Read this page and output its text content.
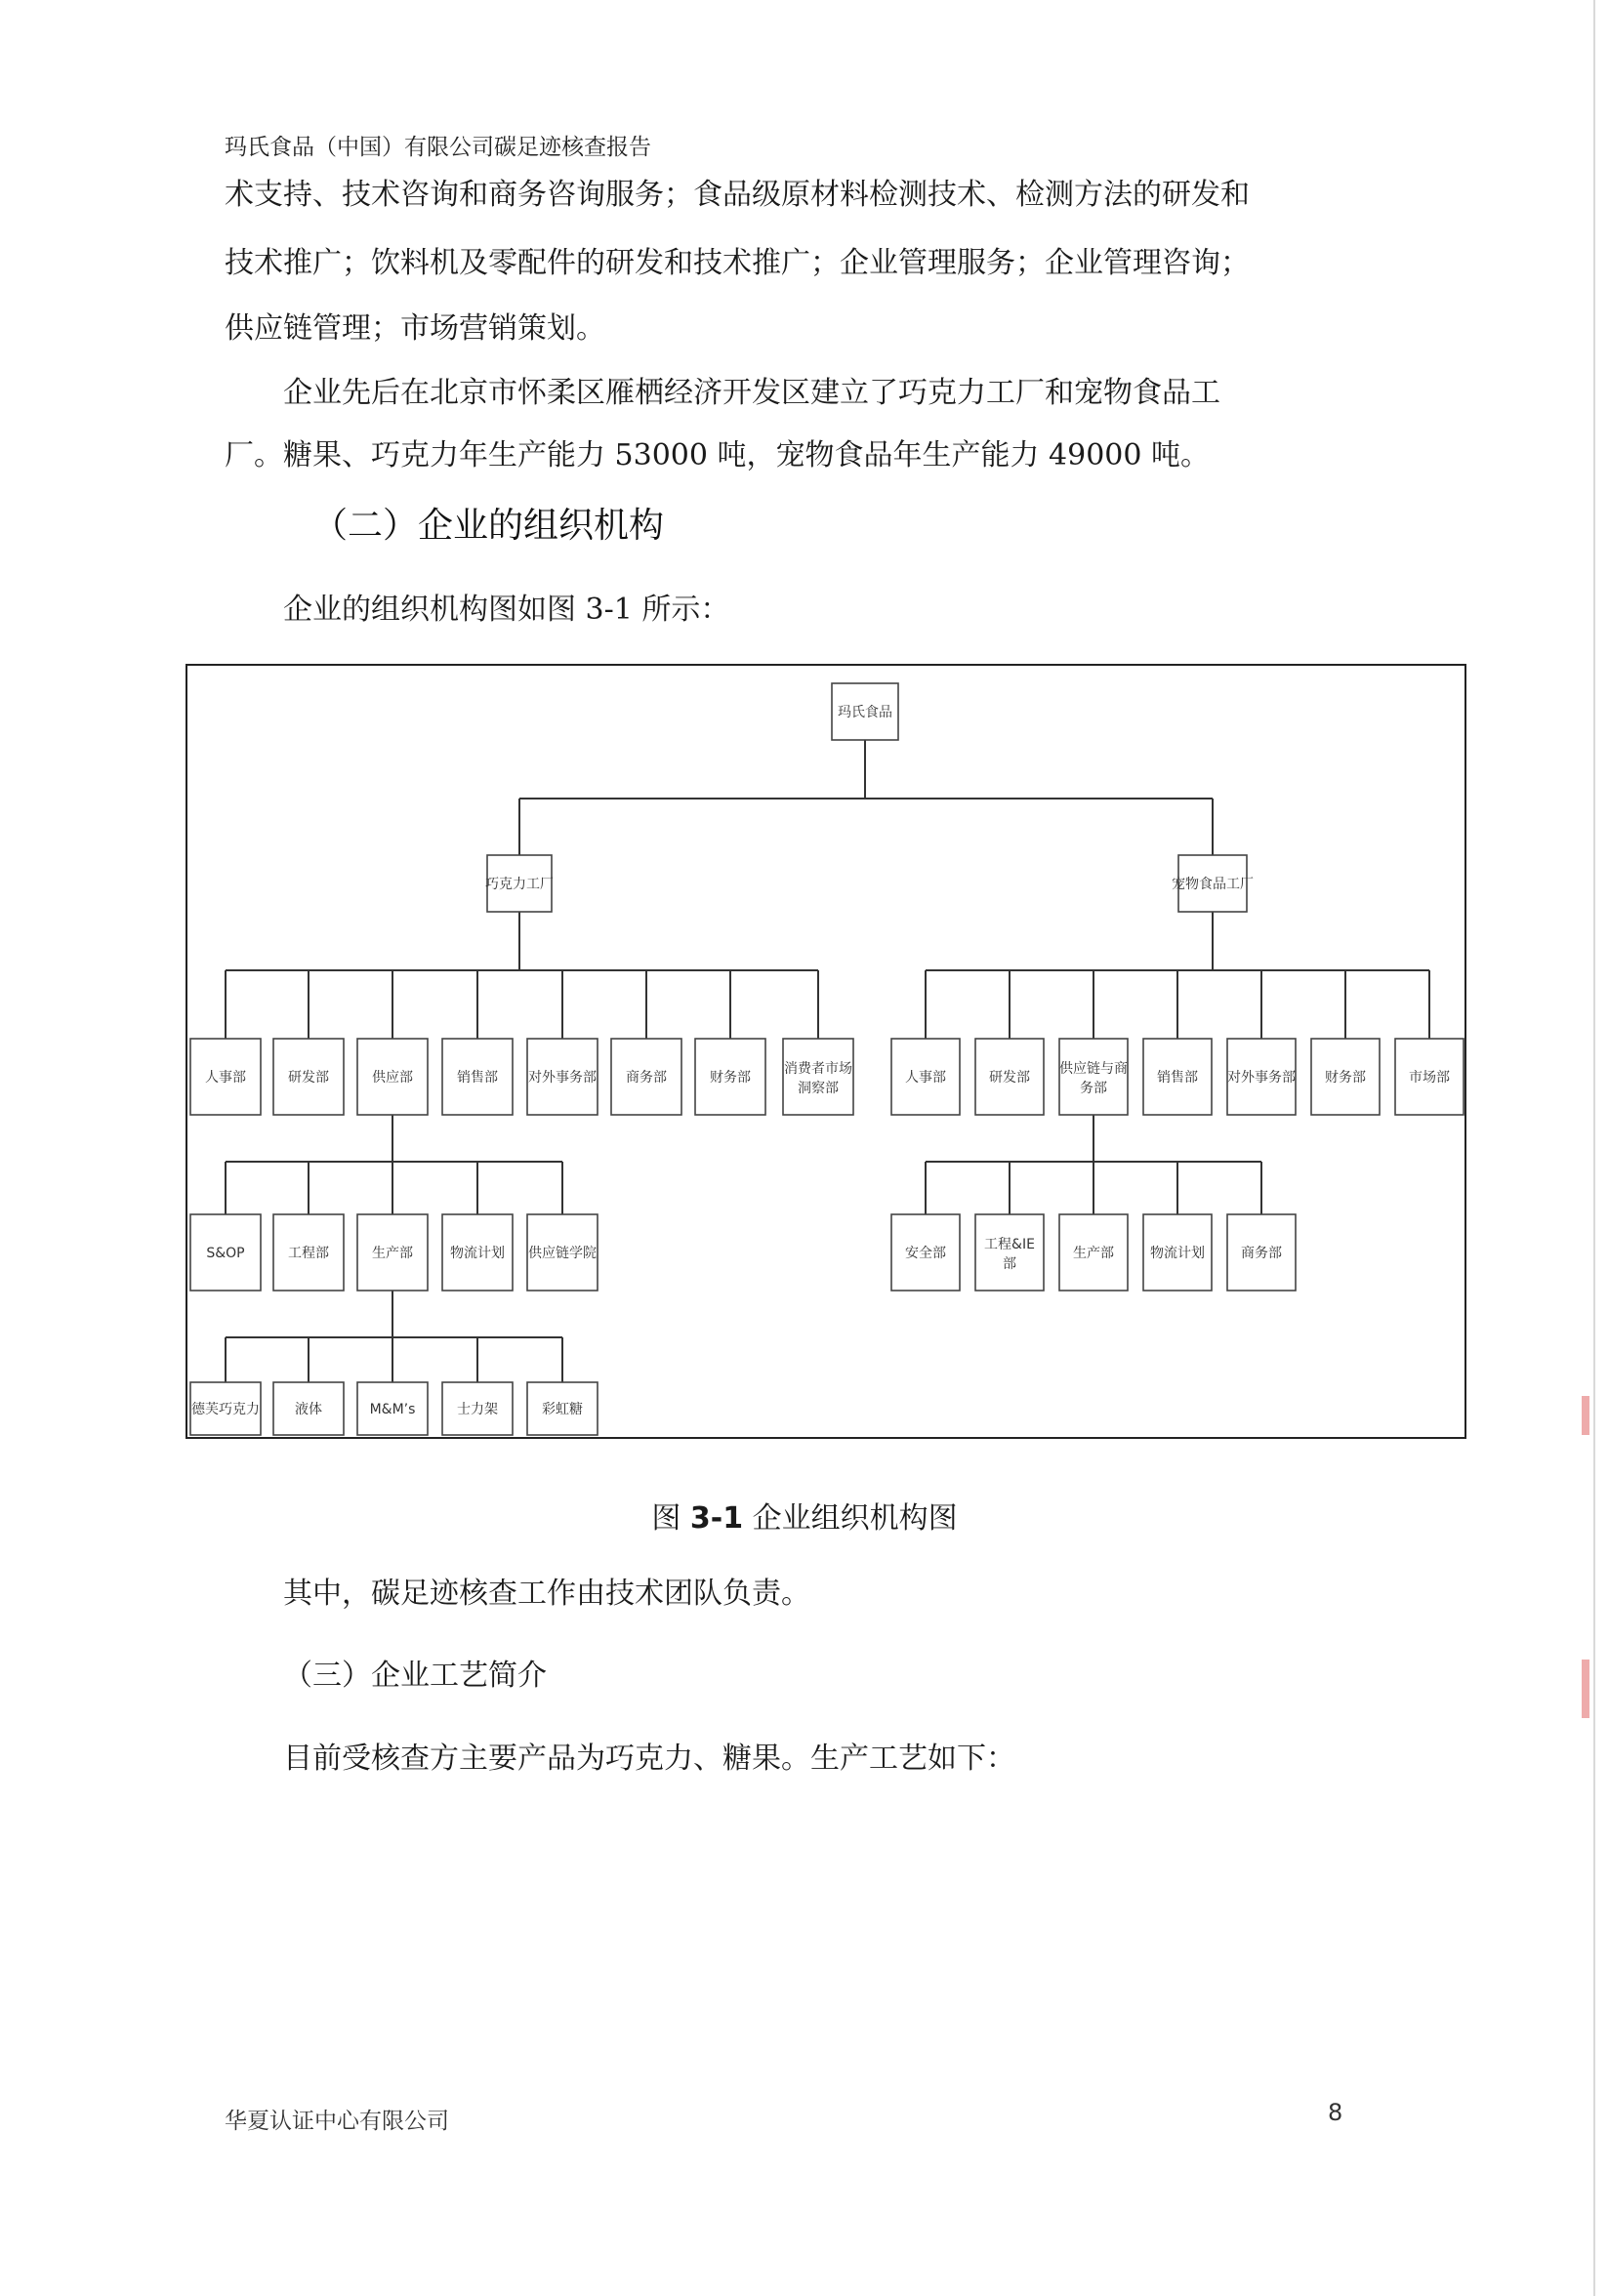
玛氏食品（中国）有限公司碳足迹核查报告
术支持、技术咨询和商务咨询服务；食品级原材料检测技术、检测方法的研发和
技术推广；饮料机及零配件的研发和技术推广；企业管理服务；企业管理咨询；
供应链管理；市场营销策划。
企业先后在北京市怀柔区雁栖经济开发区建立了巧克力工厂和宠物食品工
厂。糖果、巧克力年生产能力 53000 吨，宠物食品年生产能力 49000 吨。
（二）企业的组织机构
企业的组织机构图如图 3-1 所示：
玛氏食品
巧克力工厂	宠物食品工厂
人事部	研发部	供应部	销售部 对外事务部 商务部	财务部
消费者市场洞察部
人事部	研发部
供应链与商务部
销售部 对外事务部 财务部	市场部
S&OP	工程部	生产部	物流计划 供应链学院	安全部
工程&IE 部
生产部	物流计划	商务部
德芙巧克力	液体	M&M’s	士力架	彩虹糖
图 3-1 企业组织机构图
其中，碳足迹核查工作由技术团队负责。
（三）企业工艺简介
目前受核查方主要产品为巧克力、糖果。生产工艺如下：
华夏认证中心有限公司	8
